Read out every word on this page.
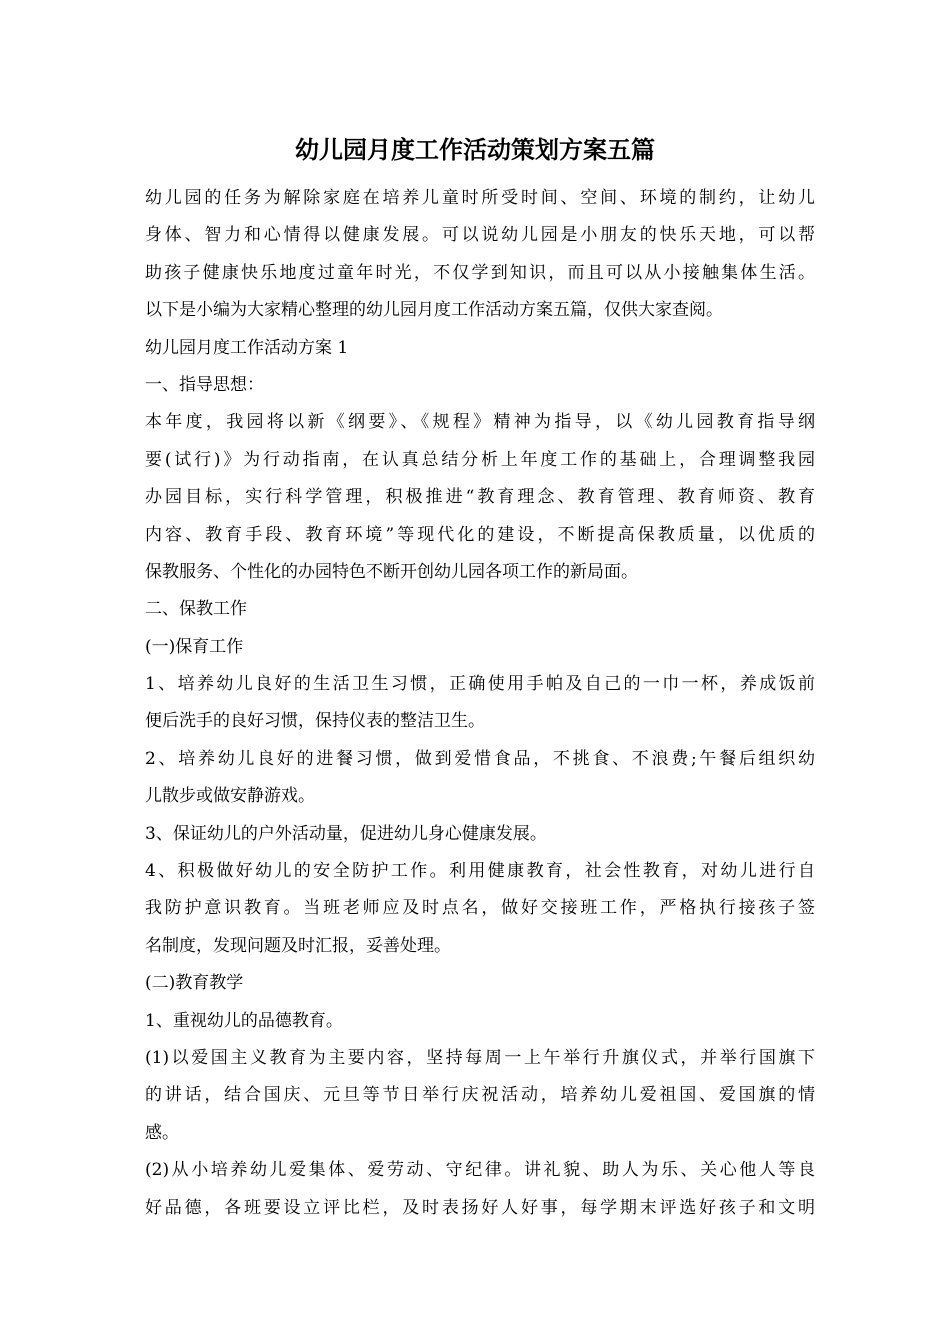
幼儿园月度工作活动策划方案五篇
幼儿园的任务为解除家庭在培养儿童时所受时间、空间、环境的制约，让幼儿
身体、智力和心情得以健康发展。可以说幼儿园是小朋友的快乐天地，可以帮
助孩子健康快乐地度过童年时光，不仅学到知识，而且可以从小接触集体生活。
以下是小编为大家精心整理的幼儿园月度工作活动方案五篇，仅供大家查阅。
幼儿园月度工作活动方案 1
一、指导思想：
本年度，我园将以新《纲要》、《规程》精神为指导，以《幼儿园教育指导纲
要(试行)》为行动指南，在认真总结分析上年度工作的基础上，合理调整我园
办园目标，实行科学管理，积极推进“教育理念、教育管理、教育师资、教育
内容、教育手段、教育环境”等现代化的建设，不断提高保教质量，以优质的
保教服务、个性化的办园特色不断开创幼儿园各项工作的新局面。
二、保教工作
(一)保育工作
1、培养幼儿良好的生活卫生习惯，正确使用手帕及自己的一巾一杯，养成饭前
便后洗手的良好习惯，保持仪表的整洁卫生。
2、培养幼儿良好的进餐习惯，做到爱惜食品，不挑食、不浪费;午餐后组织幼
儿散步或做安静游戏。
3、保证幼儿的户外活动量，促进幼儿身心健康发展。
4、积极做好幼儿的安全防护工作。利用健康教育，社会性教育，对幼儿进行自
我防护意识教育。当班老师应及时点名，做好交接班工作，严格执行接孩子签
名制度，发现问题及时汇报，妥善处理。
(二)教育教学
1、重视幼儿的品德教育。
(1)以爱国主义教育为主要内容，坚持每周一上午举行升旗仪式，并举行国旗下
的讲话，结合国庆、元旦等节日举行庆祝活动，培养幼儿爱祖国、爱国旗的情
感。
(2)从小培养幼儿爱集体、爱劳动、守纪律。讲礼貌、助人为乐、关心他人等良
好品德，各班要设立评比栏，及时表扬好人好事，每学期末评选好孩子和文明
